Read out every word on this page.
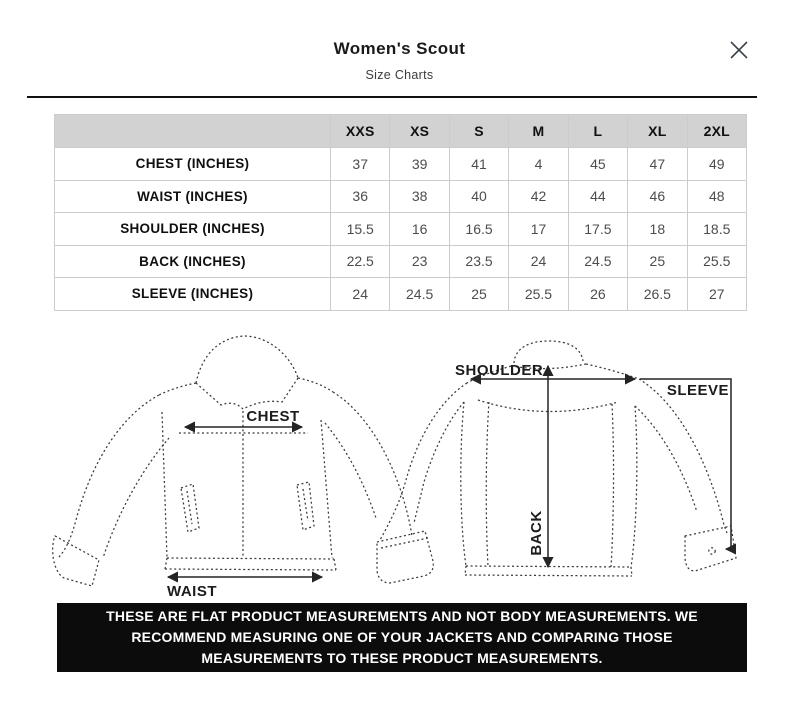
Women's Scout
Size Charts
	XXS	XS	S	M	L	XL	2XL
CHEST (INCHES)	37	39	41	4	45	47	49
WAIST (INCHES)	36	38	40	42	44	46	48
SHOULDER (INCHES)	15.5	16	16.5	17	17.5	18	18.5
BACK (INCHES)	22.5	23	23.5	24	24.5	25	25.5
SLEEVE (INCHES)	24	24.5	25	25.5	26	26.5	27
CHEST
WAIST
SHOULDER
SLEEVE
BACK
THESE ARE FLAT PRODUCT MEASUREMENTS AND NOT BODY MEASUREMENTS. WE
RECOMMEND MEASURING ONE OF YOUR JACKETS AND COMPARING THOSE
MEASUREMENTS TO THESE PRODUCT MEASUREMENTS.
